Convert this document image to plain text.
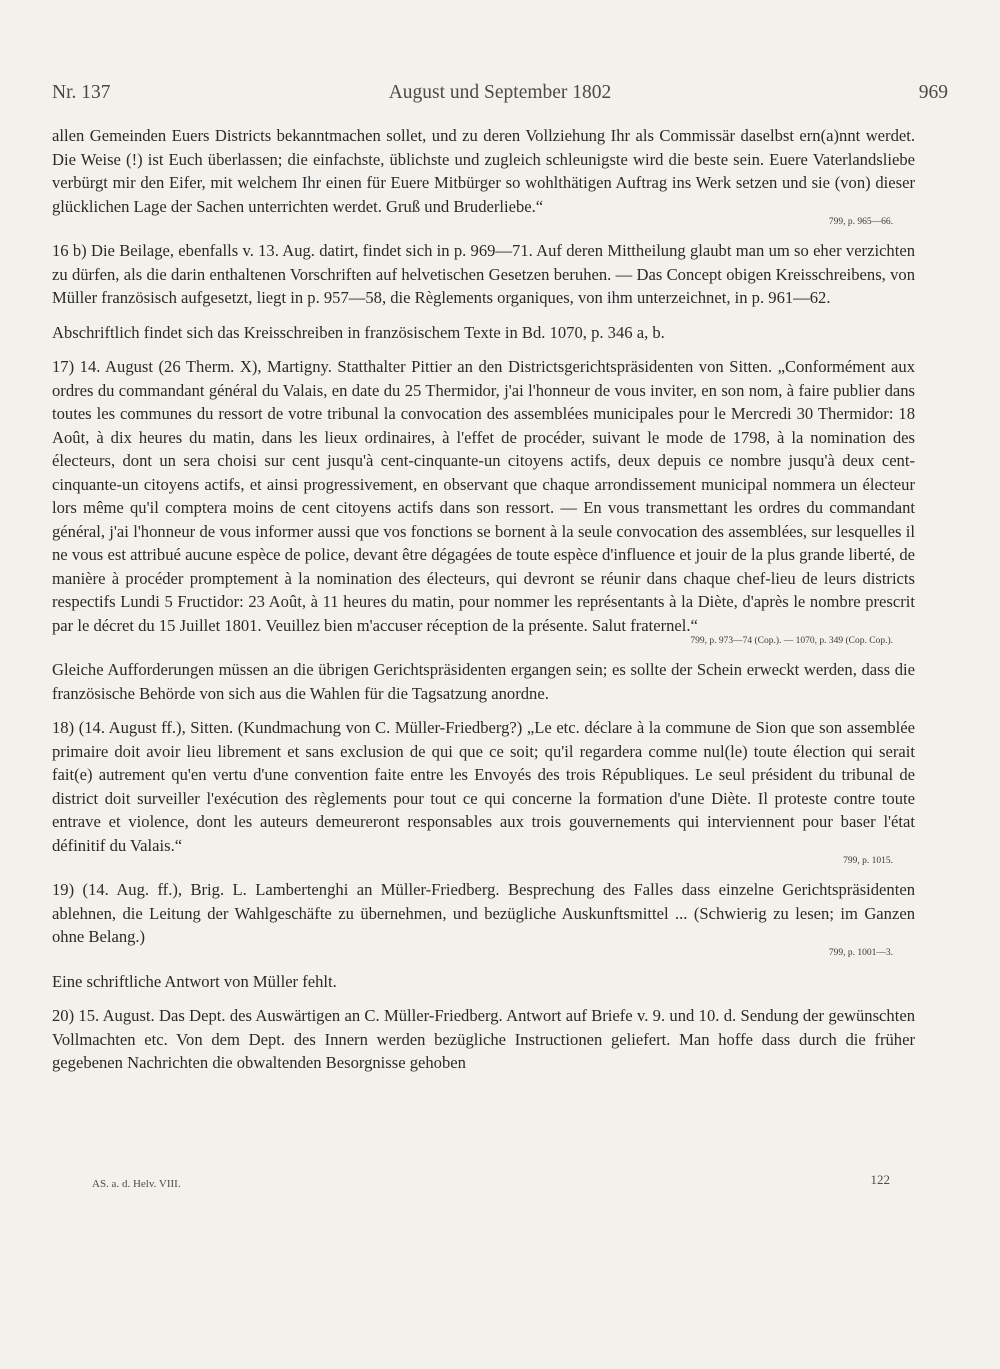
Nr. 137	August und September 1802	969

allen Gemeinden Euers Districts bekanntmachen sollet, und zu deren Vollziehung Ihr als Commissär daselbst ern(a)nnt werdet. Die Weise (!) ist Euch überlassen; die einfachste, üblichste und zugleich schleunigste wird die beste sein. Euere Vaterlandsliebe verbürgt mir den Eifer, mit welchem Ihr einen für Euere Mitbürger so wohlthätigen Auftrag ins Werk setzen und sie (von) dieser glücklichen Lage der Sachen unterrichten werdet. Gruß und Bruderliebe.“

799, p. 965—66.

16 b) Die Beilage, ebenfalls v. 13. Aug. datirt, findet sich in p. 969—71. Auf deren Mittheilung glaubt man um so eher verzichten zu dürfen, als die darin enthaltenen Vorschriften auf helvetischen Gesetzen beruhen. — Das Concept obigen Kreisschreibens, von Müller französisch aufgesetzt, liegt in p. 957—58, die Règlements organiques, von ihm unterzeichnet, in p. 961—62.

Abschriftlich findet sich das Kreisschreiben in französischem Texte in Bd. 1070, p. 346 a, b.

17) 14. August (26 Therm. X), Martigny. Statthalter Pittier an den Districtsgerichtspräsidenten von Sitten. „Conformément aux ordres du commandant général du Valais, en date du 25 Thermidor, j'ai l'honneur de vous inviter, en son nom, à faire publier dans toutes les communes du ressort de votre tribunal la convocation des assemblées municipales pour le Mercredi 30 Thermidor: 18 Août, à dix heures du matin, dans les lieux ordinaires, à l'effet de procéder, suivant le mode de 1798, à la nomination des électeurs, dont un sera choisi sur cent jusqu'à cent-cinquante-un citoyens actifs, deux depuis ce nombre jusqu'à deux cent-cinquante-un citoyens actifs, et ainsi progressivement, en observant que chaque arrondissement municipal nommera un électeur lors même qu'il comptera moins de cent citoyens actifs dans son ressort. — En vous transmettant les ordres du commandant général, j'ai l'honneur de vous informer aussi que vos fonctions se bornent à la seule convocation des assemblées, sur lesquelles il ne vous est attribué aucune espèce de police, devant être dégagées de toute espèce d'influence et jouir de la plus grande liberté, de manière à procéder promptement à la nomination des électeurs, qui devront se réunir dans chaque chef-lieu de leurs districts respectifs Lundi 5 Fructidor: 23 Août, à 11 heures du matin, pour nommer les représentants à la Diète, d'après le nombre prescrit par le décret du 15 Juillet 1801. Veuillez bien m'accuser réception de la présente. Salut fraternel.“

799, p. 973—74 (Cop.). — 1070, p. 349 (Cop. Cop.).

Gleiche Aufforderungen müssen an die übrigen Gerichtspräsidenten ergangen sein; es sollte der Schein erweckt werden, dass die französische Behörde von sich aus die Wahlen für die Tagsatzung anordne.

18) (14. August ff.), Sitten. (Kundmachung von C. Müller-Friedberg?) „Le etc. déclare à la commune de Sion que son assemblée primaire doit avoir lieu librement et sans exclusion de qui que ce soit; qu'il regardera comme nul(le) toute élection qui serait fait(e) autrement qu'en vertu d'une convention faite entre les Envoyés des trois Républiques. Le seul président du tribunal de district doit surveiller l'exécution des règlements pour tout ce qui concerne la formation d'une Diète. Il proteste contre toute entrave et violence, dont les auteurs demeureront responsables aux trois gouvernements qui interviennent pour baser l'état définitif du Valais.“

799, p. 1015.

19) (14. Aug. ff.), Brig. L. Lambertenghi an Müller-Friedberg. Besprechung des Falles dass einzelne Gerichtspräsidenten ablehnen, die Leitung der Wahlgeschäfte zu übernehmen, und bezügliche Auskunftsmittel ... (Schwierig zu lesen; im Ganzen ohne Belang.)

799, p. 1001—3.

Eine schriftliche Antwort von Müller fehlt.

20) 15. August. Das Dept. des Auswärtigen an C. Müller-Friedberg. Antwort auf Briefe v. 9. und 10. d. Sendung der gewünschten Vollmachten etc. Von dem Dept. des Innern werden bezügliche Instructionen geliefert. Man hoffe dass durch die früher gegebenen Nachrichten die obwaltenden Besorgnisse gehoben

AS. a. d. Helv. VIII.	122
